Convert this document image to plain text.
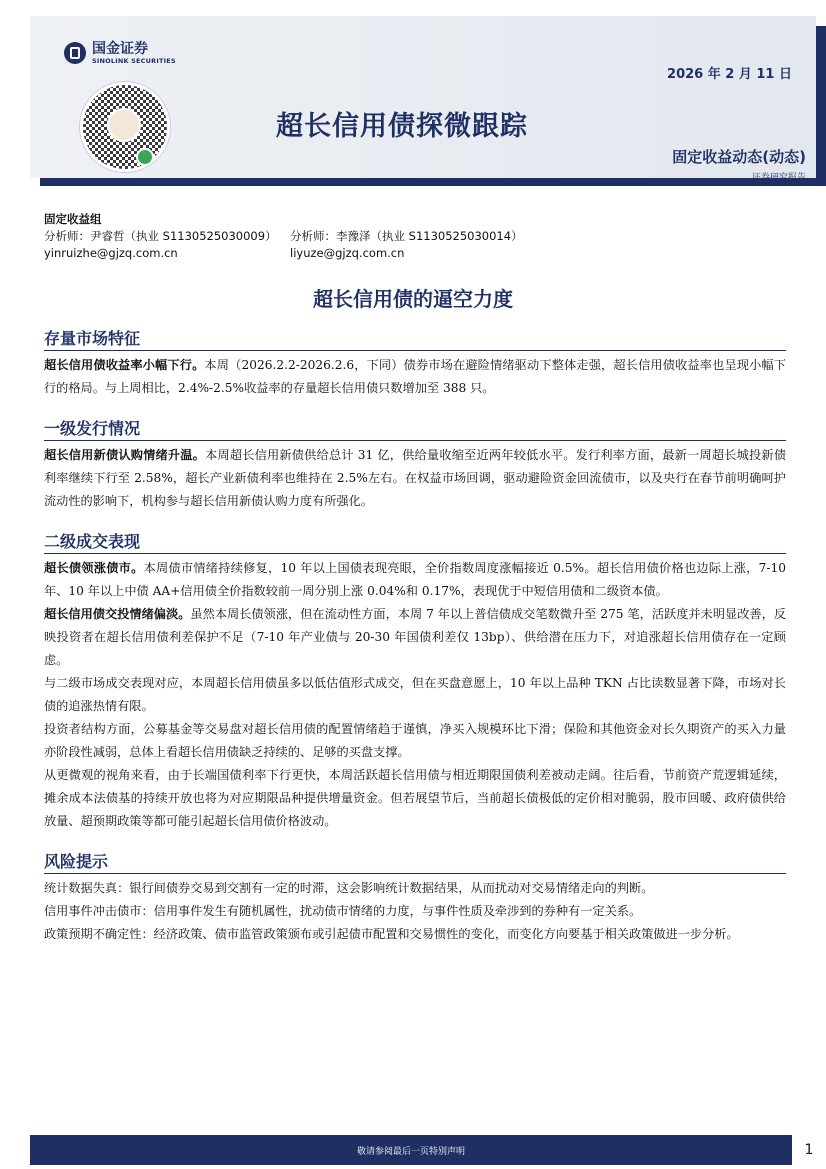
国金证券
SINOLINK SECURITIES
2026 年 2 月 11 日
超长信用债探微跟踪
固定收益动态(动态)
证券研究报告
固定收益组
分析师：尹睿哲（执业 S1130525030009）	分析师：李豫泽（执业 S1130525030014）
yinruizhe@gjzq.com.cn	liyuze@gjzq.com.cn
超长信用债的逼空力度
存量市场特征

超长信用债收益率小幅下行。本周（2026.2.2-2026.2.6，下同）债券市场在避险情绪驱动下整体走强，超长信用债收益率也呈现小幅下行的格局。与上周相比，2.4%-2.5%收益率的存量超长信用债只数增加至 388 只。

一级发行情况

超长信用新债认购情绪升温。本周超长信用新债供给总计 31 亿，供给量收缩至近两年较低水平。发行利率方面，最新一周超长城投新债利率继续下行至 2.58%，超长产业新债利率也维持在 2.5%左右。在权益市场回调，驱动避险资金回流债市，以及央行在春节前明确呵护流动性的影响下，机构参与超长信用新债认购力度有所强化。

二级成交表现

超长债领涨债市。本周债市情绪持续修复，10 年以上国债表现亮眼，全价指数周度涨幅接近 0.5%。超长信用债价格也边际上涨，7-10 年、10 年以上中债 AA+信用债全价指数较前一周分别上涨 0.04%和 0.17%，表现优于中短信用债和二级资本债。

超长信用债交投情绪偏淡。虽然本周长债领涨，但在流动性方面，本周 7 年以上普信债成交笔数微升至 275 笔，活跃度并未明显改善，反映投资者在超长信用债利差保护不足（7-10 年产业债与 20-30 年国债利差仅 13bp）、供给潜在压力下，对追涨超长信用债存在一定顾虑。

与二级市场成交表现对应，本周超长信用债虽多以低估值形式成交，但在买盘意愿上，10 年以上品种 TKN 占比读数显著下降，市场对长债的追涨热情有限。

投资者结构方面，公募基金等交易盘对超长信用债的配置情绪趋于谨慎，净买入规模环比下滑；保险和其他资金对长久期资产的买入力量亦阶段性减弱，总体上看超长信用债缺乏持续的、足够的买盘支撑。

从更微观的视角来看，由于长端国债利率下行更快，本周活跃超长信用债与相近期限国债利差被动走阔。往后看，节前资产荒逻辑延续，摊余成本法债基的持续开放也将为对应期限品种提供增量资金。但若展望节后，当前超长债极低的定价相对脆弱，股市回暖、政府债供给放量、超预期政策等都可能引起超长信用债价格波动。

风险提示

统计数据失真：银行间债券交易到交割有一定的时滞，这会影响统计数据结果，从而扰动对交易情绪走向的判断。

信用事件冲击债市：信用事件发生有随机属性，扰动债市情绪的力度，与事件性质及牵涉到的券种有一定关系。

政策预期不确定性：经济政策、债市监管政策颁布或引起债市配置和交易惯性的变化，而变化方向要基于相关政策做进一步分析。

敬请参阅最后一页特别声明	1
